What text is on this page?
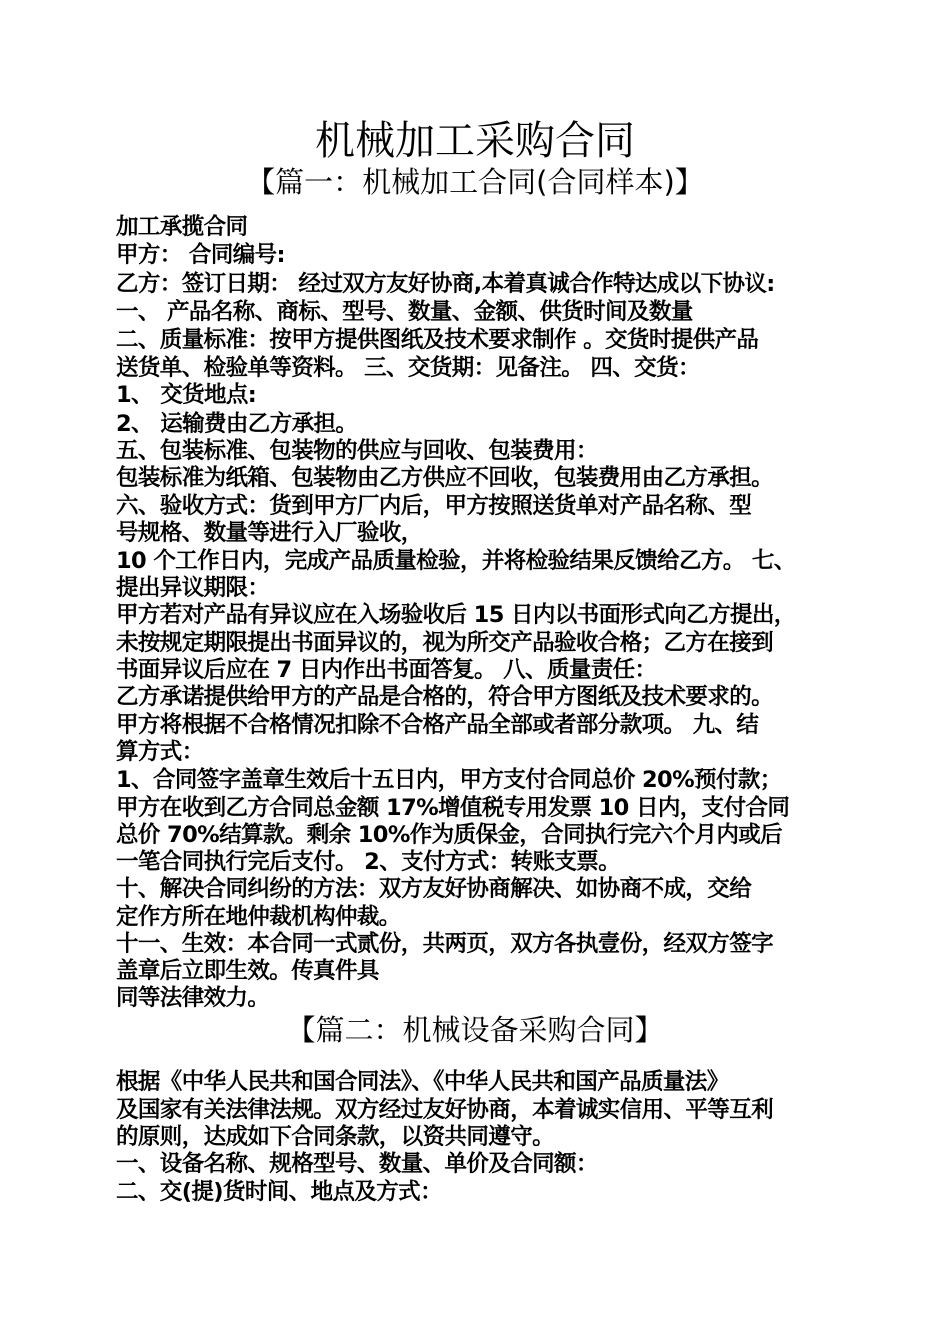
机械加工采购合同
【篇一：机械加工合同(合同样本)】

加工承揽合同

甲方： 合同编号:

乙方：签订日期： 经过双方友好协商,本着真诚合作特达成以下协议:

一、 产品名称、商标、型号、数量、金额、供货时间及数量

二、质量标准：按甲方提供图纸及技术要求制作 。交货时提供产品

送货单、检验单等资料。 三、交货期：见备注。 四、交货：

1、 交货地点:

2、 运输费由乙方承担。

五、包装标准、包装物的供应与回收、包装费用：

包装标准为纸箱、包装物由乙方供应不回收，包装费用由乙方承担。

六、验收方式：货到甲方厂内后，甲方按照送货单对产品名称、型

号规格、数量等进行入厂验收，

10 个工作日内，完成产品质量检验，并将检验结果反馈给乙方。 七、

提出异议期限：

甲方若对产品有异议应在入场验收后 15 日内以书面形式向乙方提出，

未按规定期限提出书面异议的，视为所交产品验收合格；乙方在接到

书面异议后应在 7 日内作出书面答复。 八、质量责任：

乙方承诺提供给甲方的产品是合格的，符合甲方图纸及技术要求的。

甲方将根据不合格情况扣除不合格产品全部或者部分款项。 九、结

算方式：

1、合同签字盖章生效后十五日内，甲方支付合同总价 20%预付款；

甲方在收到乙方合同总金额 17%增值税专用发票 10 日内，支付合同

总价 70%结算款。剩余 10%作为质保金，合同执行完六个月内或后

一笔合同执行完后支付。 2、支付方式：转账支票。

十、解决合同纠纷的方法：双方友好协商解决、如协商不成，交给

定作方所在地仲裁机构仲裁。

十一、生效：本合同一式贰份，共两页，双方各执壹份，经双方签字

盖章后立即生效。传真件具

同等法律效力。

【篇二：机械设备采购合同】

根据《中华人民共和国合同法》、《中华人民共和国产品质量法》

及国家有关法律法规。双方经过友好协商，本着诚实信用、平等互利

的原则，达成如下合同条款，以资共同遵守。

一、设备名称、规格型号、数量、单价及合同额：

二、交(提)货时间、地点及方式：
